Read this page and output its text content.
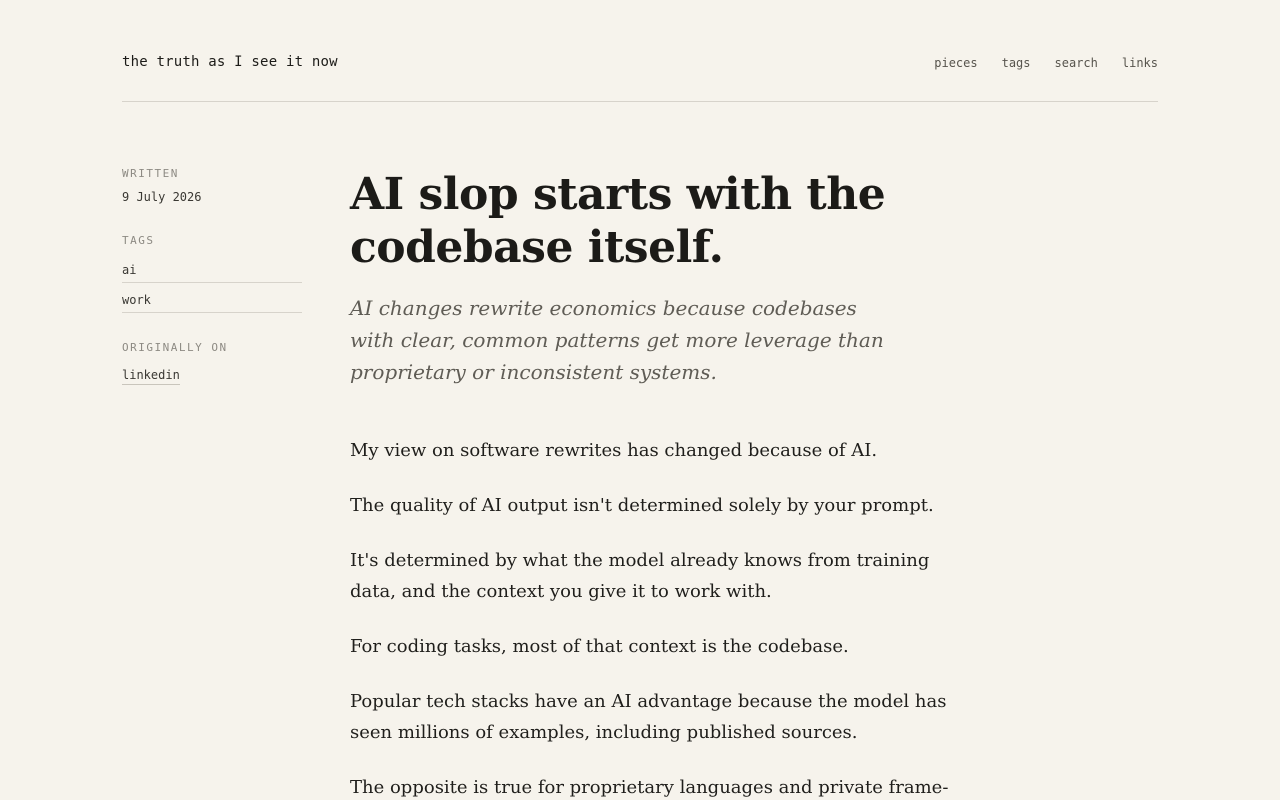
the truth as I see it now	pieces tags search links
WRITTEN
9 July 2026
TAGS
ai
work
ORIGINALLY ON
linkedin
AI slop starts with the codebase itself.

AI changes rewrite economics because codebases with clear, common patterns get more leverage than proprietary or inconsistent systems.

My view on software rewrites has changed because of AI.

The quality of AI output isn't determined solely by your prompt.

It's determined by what the model already knows from training data, and the context you give it to work with.

For coding tasks, most of that context is the codebase.

Popular tech stacks have an AI advantage because the model has seen millions of examples, including published sources.

The opposite is true for proprietary languages and private frame-
